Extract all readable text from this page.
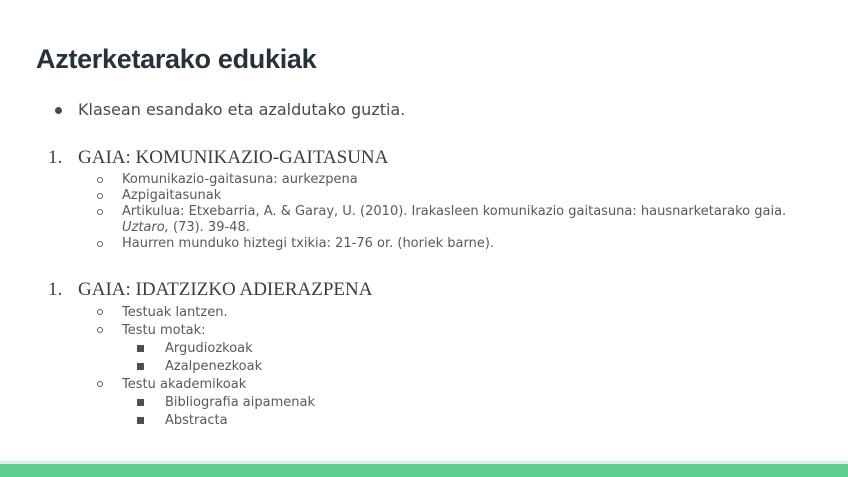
Azterketarako edukiak
Klasean esandako eta azaldutako guztia.
1. GAIA: KOMUNIKAZIO-GAITASUNA
Komunikazio-gaitasuna: aurkezpena
Azpigaitasunak
Artikulua: Etxebarria, A. & Garay, U. (2010). Irakasleen komunikazio gaitasuna: hausnarketarako gaia.
Uztaro, (73). 39-48.
Haurren munduko hiztegi txikia: 21-76 or. (horiek barne).
1. GAIA: IDATZIZKO ADIERAZPENA
Testuak lantzen.
Testu motak:
Argudiozkoak
Azalpenezkoak
Testu akademikoak
Bibliografia aipamenak
Abstracta
